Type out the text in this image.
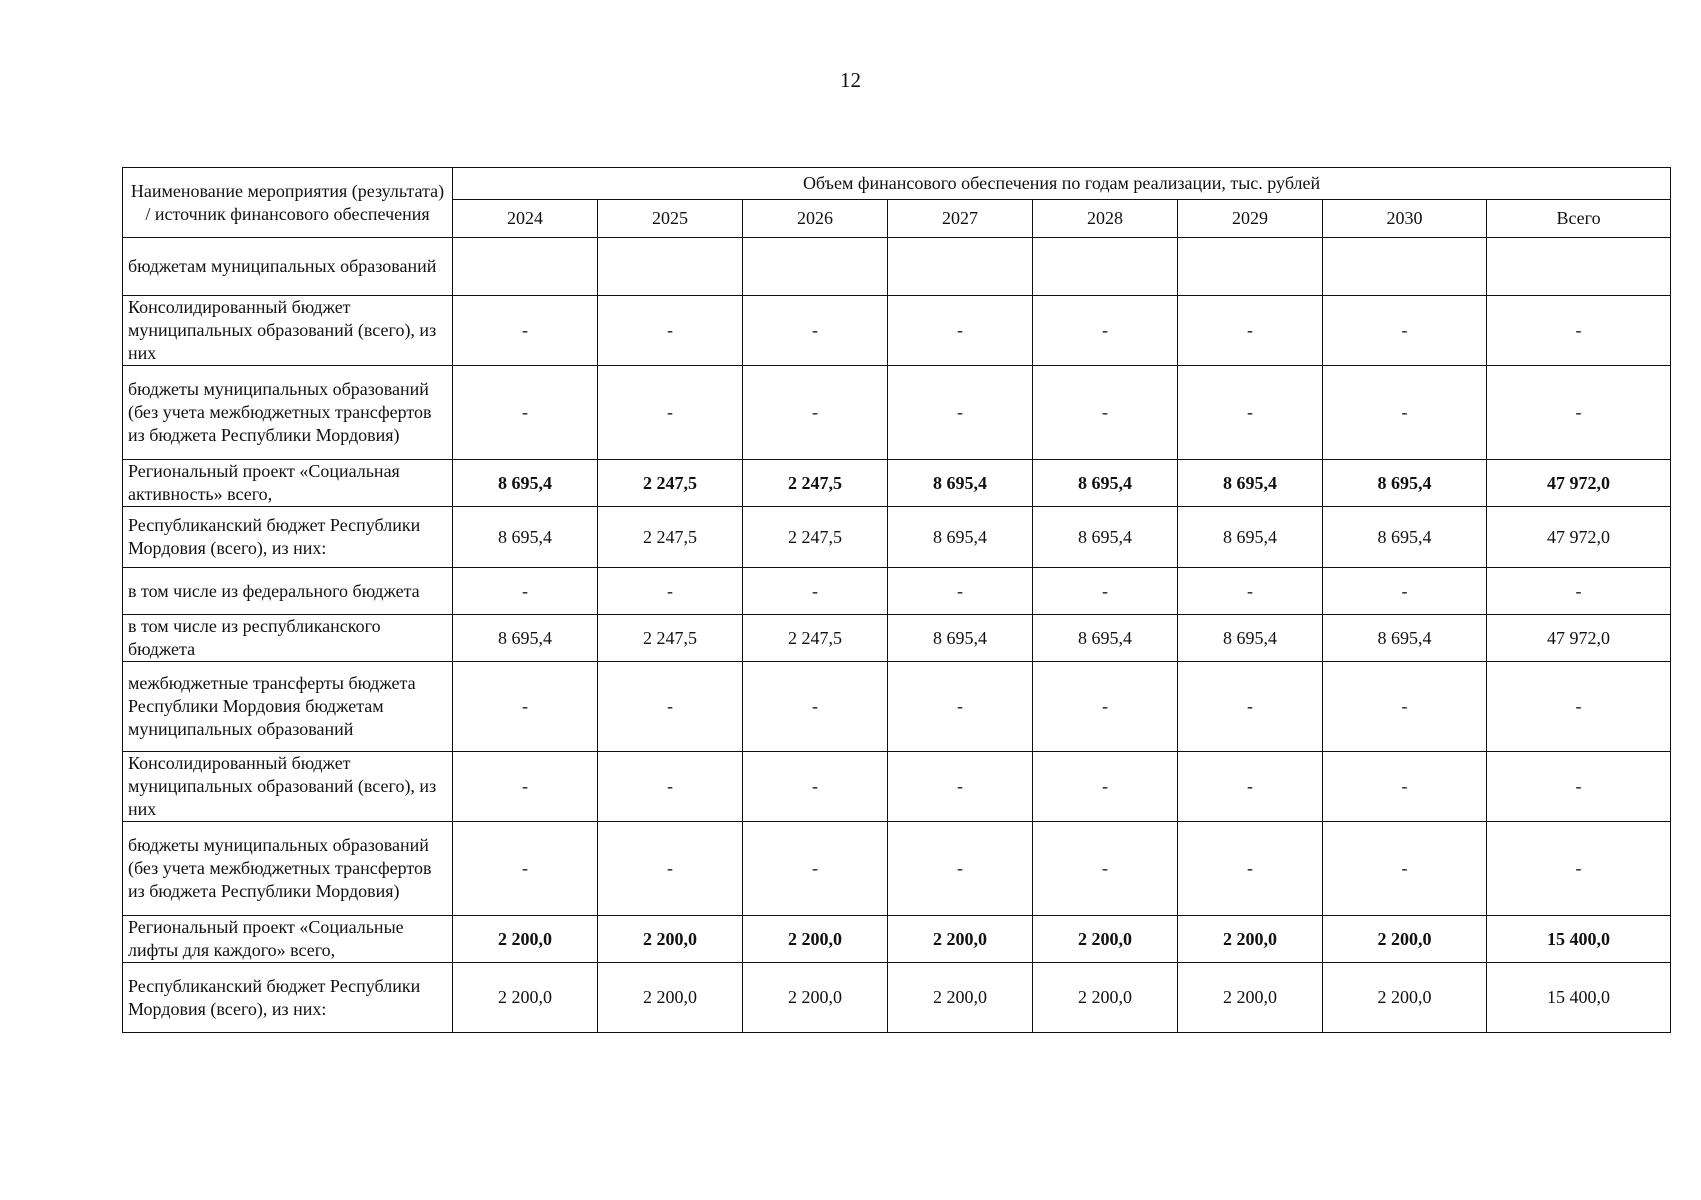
12
Наименование мероприятия (результата) / источник финансового обеспечения	Объем финансового обеспечения по годам реализации, тыс. рублей							
	2024	2025	2026	2027	2028	2029	2030	Всего
бюджетам муниципальных образований								
Консолидированный бюджет муниципальных образований (всего), из них	-	-	-	-	-	-	-	-
бюджеты муниципальных образований (без учета межбюджетных трансфертов из бюджета Республики Мордовия)	-	-	-	-	-	-	-	-
Региональный проект «Социальная активность» всего,	8 695,4	2 247,5	2 247,5	8 695,4	8 695,4	8 695,4	8 695,4	47 972,0
Республиканский бюджет Республики Мордовия (всего), из них:	8 695,4	2 247,5	2 247,5	8 695,4	8 695,4	8 695,4	8 695,4	47 972,0
в том числе из федерального бюджета	-	-	-	-	-	-	-	-
в том числе из республиканского бюджета	8 695,4	2 247,5	2 247,5	8 695,4	8 695,4	8 695,4	8 695,4	47 972,0
межбюджетные трансферты бюджета Республики Мордовия бюджетам муниципальных образований	-	-	-	-	-	-	-	-
Консолидированный бюджет муниципальных образований (всего), из них	-	-	-	-	-	-	-	-
бюджеты муниципальных образований (без учета межбюджетных трансфертов из бюджета Республики Мордовия)	-	-	-	-	-	-	-	-
Региональный проект «Социальные лифты для каждого» всего,	2 200,0	2 200,0	2 200,0	2 200,0	2 200,0	2 200,0	2 200,0	15 400,0
Республиканский бюджет Республики Мордовия (всего), из них:	2 200,0	2 200,0	2 200,0	2 200,0	2 200,0	2 200,0	2 200,0	15 400,0
